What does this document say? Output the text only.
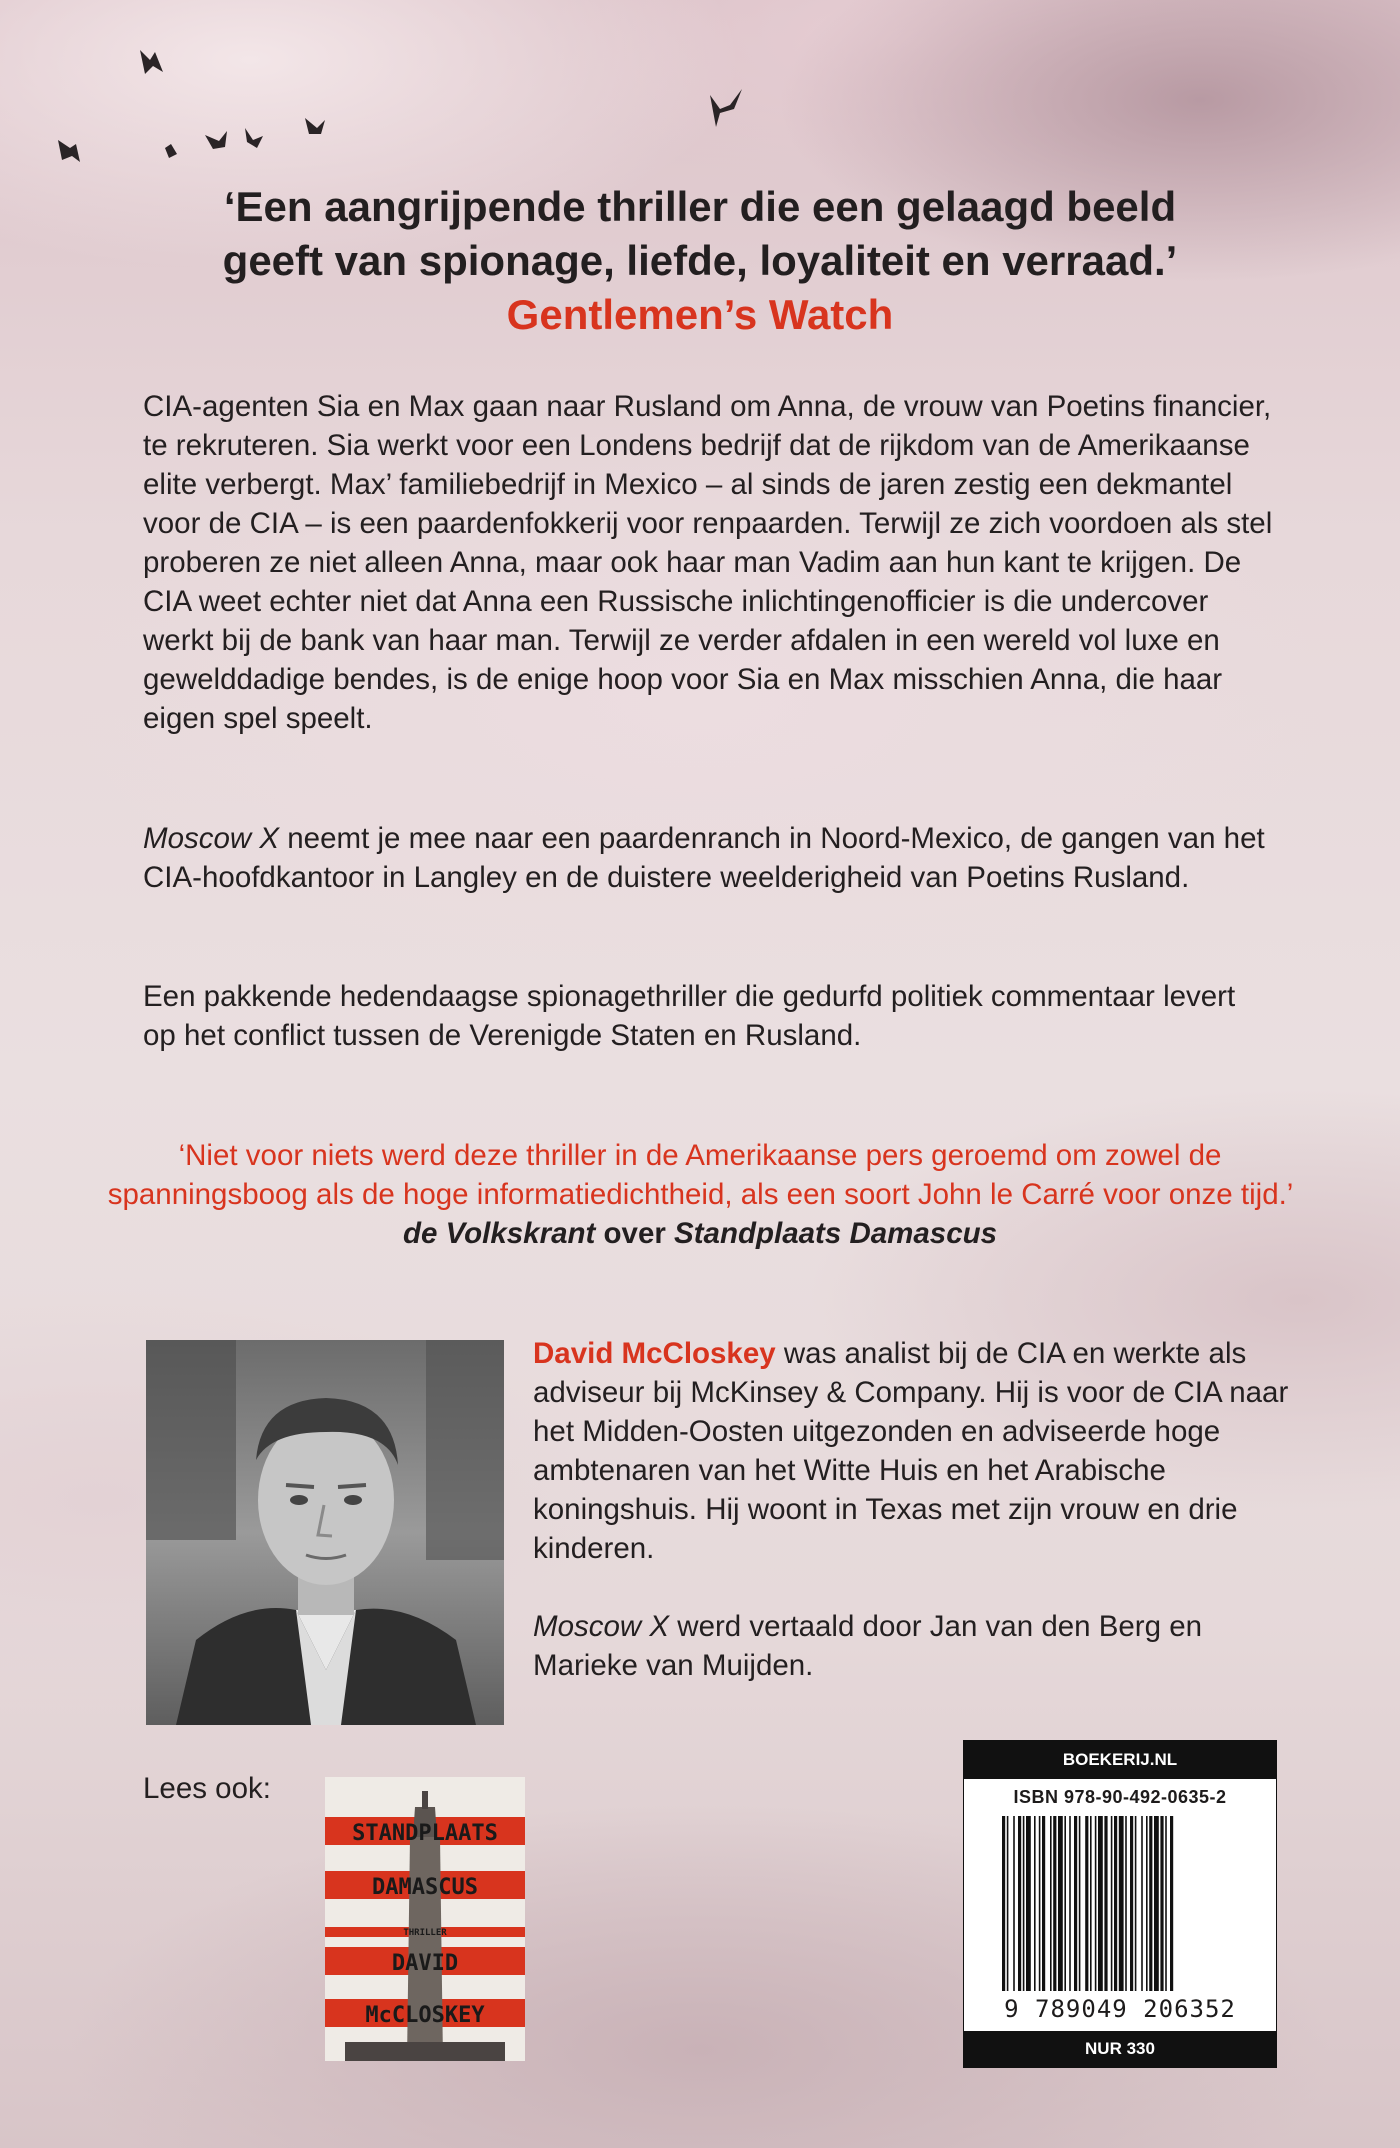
‘Een aangrijpende thriller die een gelaagd beeld
geeft van spionage, liefde, loyaliteit en verraad.’
Gentlemen’s Watch

CIA-agenten Sia en Max gaan naar Rusland om Anna, de vrouw van Poetins financier, te rekruteren. Sia werkt voor een Londens bedrijf dat de rijkdom van de Amerikaanse elite verbergt. Max’ familiebedrijf in Mexico – al sinds de jaren zestig een dekmantel voor de CIA – is een paardenfokkerij voor renpaarden. Terwijl ze zich voordoen als stel proberen ze niet alleen Anna, maar ook haar man Vadim aan hun kant te krijgen. De CIA weet echter niet dat Anna een Russische inlichtingenofficier is die undercover werkt bij de bank van haar man. Terwijl ze verder afdalen in een wereld vol luxe en gewelddadige bendes, is de enige hoop voor Sia en Max misschien Anna, die haar eigen spel speelt.

Moscow X neemt je mee naar een paardenranch in Noord-Mexico, de gangen van het CIA-hoofdkantoor in Langley en de duistere weelderigheid van Poetins Rusland.

Een pakkende hedendaagse spionagethriller die gedurfd politiek commentaar levert op het conflict tussen de Verenigde Staten en Rusland.

‘Niet voor niets werd deze thriller in de Amerikaanse pers geroemd om zowel de spanningsboog als de hoge informatiedichtheid, als een soort John le Carré voor onze tijd.’ de Volkskrant over Standplaats Damascus

David McCloskey was analist bij de CIA en werkte als adviseur bij McKinsey & Company. Hij is voor de CIA naar het Midden-Oosten uitgezonden en adviseerde hoge ambtenaren van het Witte Huis en het Arabische koningshuis. Hij woont in Texas met zijn vrouw en drie kinderen.

Moscow X werd vertaald door Jan van den Berg en Marieke van Muijden.

Lees ook:
STANDPLAATS
DAMASCUS
THRILLER
DAVID
McCLOSKEY
BOEKERIJ.NL
ISBN 978-90-492-0635-2
9 789049 206352
NUR 330
